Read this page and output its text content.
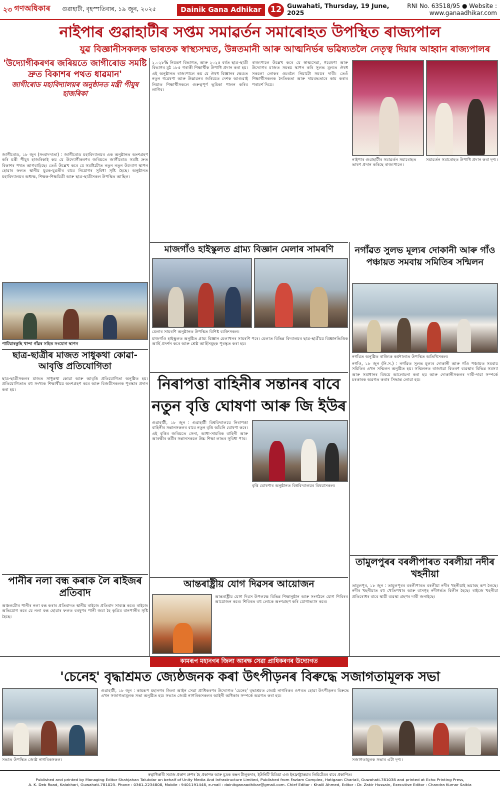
২৩ গণঅধিকাৰ গুৱাহাটী, বৃহস্পতিবাৰ, ১৯ জুন, ২০২৫	Dainik Gana Adhikar	12 Guwahati, Thursday, 19 June, 2025
RNI No. 63518/95 ● Website : www.ganaadhikar.com
নাইপাৰ গুৱাহাটীৰ সপ্তম সমাৱৰ্তন সমাৰোহত উপস্থিত ৰাজ্যপাল
যুৱ বিজ্ঞানীসকলক ভাৰতক স্বাস্থ্যসম্মত, উন্নতমানী আৰু আত্মনিৰ্ভৰ ভৱিষ্যতলৈ নেতৃত্ব দিয়াৰ আহ্বান ৰাজ্যপালৰ
'উদ্যোগীকৰণৰ জৰিয়তে জাগীৰোড সমষ্টি দ্ৰুত বিকাশৰ পথত ধাৱমান'
জাগীৰোড মহাবিদ্যালয়ৰ অনুষ্ঠানত মন্ত্ৰী পীযুষ হাজৰিকা
জাগীৰোড, ১৮ জুন (সংবাদদাতা) : জাগীৰোড মহাবিদ্যালয়ৰ এক অনুষ্ঠানত অংশগ্ৰহণ কৰি মন্ত্ৰী পীযুষ হাজৰিকাই কয় যে উদ্যোগীকৰণৰ জৰিয়তে জাগীৰোড সমষ্টি দ্ৰুত বিকাশৰ পথত আগবাঢ়িছে। তেওঁ উল্লেখ কৰে যে সমষ্টিটোত নতুন নতুন উদ্যোগ স্থাপন হোৱাৰ ফলত স্থানীয় যুৱক-যুৱতীৰ বাবে নিয়োগৰ সুবিধা সৃষ্টি হৈছে। অনুষ্ঠানত মহাবিদ্যালয়ৰ অধ্যক্ষ, শিক্ষক-শিক্ষয়িত্ৰী আৰু ছাত্ৰ-ছাত্ৰীসকল উপস্থিত আছিল।
পাটিয়াৰকুছি খান্দা গাঁৱৰ সহিত সংযোগ স্থাপন
ছাত্ৰ-ছাত্ৰীৰ মাজত সাধুকথা কোৱা-আবৃত্তি প্ৰতিযোগিতা
ছাত্ৰ-ছাত্ৰীসকলৰ মাজত সাধুকথা কোৱা আৰু আবৃত্তি প্ৰতিযোগিতা অনুষ্ঠিত হয়। প্ৰতিযোগিতাত বহু সংখ্যক শিক্ষাৰ্থীয়ে অংশগ্ৰহণ কৰে আৰু বিজয়ীসকলক পুৰস্কাৰ প্ৰদান কৰা হয়।
পানীৰ নলা বন্ধ কৰাক লৈ ৰাইজৰ প্ৰতিবাদ
অঞ্চলটোৰ পানীৰ নলা বন্ধ কৰাৰ প্ৰতিবাদত স্থানীয় ৰাইজে প্ৰতিবাদ সাব্যস্ত কৰে। ৰাইজে অভিযোগ কৰে যে নলা বন্ধ হোৱাৰ ফলত বৰষুণৰ পানী জমা হৈ কৃত্ৰিম বানপানীৰ সৃষ্টি হৈছে।
২.০২৮% নিয়ন্ত্ৰণ বিভাগত, আৰু ২০২৫ বৰ্ষত ছাত্ৰ-ছাত্ৰী বিভাগৰ মুঠ ১৮৫ গৰাকী শিক্ষাৰ্থীক উপাধি প্ৰদান কৰা হয়। এই অনুষ্ঠানত ৰাজ্যপালে কয় যে ঔষধ বিজ্ঞানৰ ক্ষেত্ৰত নতুন গৱেষণা আৰু উদ্ভাৱনৰ জৰিয়তে দেশক আগুৱাই নিয়াত শিক্ষাৰ্থীসকলে গুৰুত্বপূৰ্ণ ভূমিকা পালন কৰিব লাগিব।
ৰাজ্যপালে উল্লেখ কৰে যে স্বাস্থ্যসেৱা, গৱেষণা আৰু উদ্যোগৰ মাজত সমন্বয় স্থাপন কৰি সুলভ মূল্যত ঔষধ সকলো লোকৰ ওচৰলৈ নিয়াটো সময়ৰ দাবী। তেওঁ শিক্ষাৰ্থীসকলক নৈতিকতা আৰু দায়বদ্ধতাৰে কাম কৰাৰ পৰামৰ্শ দিয়ে।
নাইপাৰ গুৱাহাটীৰ সমাৱৰ্তন সমাৰোহত ভাষণ প্ৰদান কৰিছে ৰাজ্যপালে।
সমাৱৰ্তন সমাৰোহত উপাধি প্ৰদান কৰা দৃশ্য।
মাজগাঁও হাইস্কুলত গ্ৰাম্য বিজ্ঞান মেলাৰ সামৰণি
মেলাৰ সামৰণি অনুষ্ঠানত উপস্থিত বিশিষ্ট ব্যক্তিসকল।
মাজগাঁও হাইস্কুলত অনুষ্ঠিত গ্ৰাম্য বিজ্ঞান মেলাখনৰ সামৰণি পৰে। মেলাত বিভিন্ন বিদ্যালয়ৰ ছাত্ৰ-ছাত্ৰীয়ে বিজ্ঞানভিত্তিক আৰ্হি প্ৰদৰ্শন কৰে আৰু শ্ৰেষ্ঠ আৰ্হিসমূহক পুৰস্কৃত কৰা হয়।
নগাঁৱত সুলভ মূল্যৰ দোকানী আৰু গাঁও পঞ্চায়ত সমবায় সমিতিৰ সন্মিলন
নগাঁৱত অনুষ্ঠিত ৰাজ্যিক কৰ্মশালাত উপস্থিত অতিথিসকল।
নগাঁও, ১৮ জুন (নি.স.) : নগাঁৱত সুলভ মূল্যৰ দোকানী আৰু গাঁও পঞ্চায়ত সমবায় সমিতিৰ এখন সন্মিলন অনুষ্ঠিত হয়। সন্মিলনত ৰাজহুৱা বিতৰণ ব্যৱস্থাৰ বিভিন্ন সমস্যা আৰু সমাধানৰ বিষয়ে আলোচনা কৰা হয় আৰু দোকানীসকলৰ দাবী-দাৱা সম্পৰ্কে চৰকাৰক অৱগত কৰাৰ সিদ্ধান্ত লোৱা হয়।
নিৰাপত্তা বাহিনীৰ সন্তানৰ বাবে
নতুন বৃত্তি ঘোষণা আৰু জি ইউৰ
গুৱাহাটী, ১৮ জুন : গুৱাহাটী বিশ্ববিদ্যালয়ে নিৰাপত্তা বাহিনীৰ সন্তানসকলৰ বাবে নতুন বৃত্তি আঁচনি ঘোষণা কৰে। এই বৃত্তিৰ জৰিয়তে সেনা, আধা-সামৰিক বাহিনী আৰু আৰক্ষীৰ কৰ্মীৰ সন্তানসকলে উচ্চ শিক্ষা লাভৰ সুবিধা পাব।
বৃত্তি ঘোষণাৰ অনুষ্ঠানত বিশ্ববিদ্যালয়ৰ বিষয়াসকল।
আন্তৰাষ্ট্ৰীয় যোগ দিৱসৰ আয়োজন
আন্তৰাষ্ট্ৰীয় যোগ দিৱস উপলক্ষে বিভিন্ন শিক্ষানুষ্ঠান আৰু সংগঠনে যোগ শিবিৰৰ আয়োজন কৰে। শিবিৰত বহু লোকে অংশগ্ৰহণ কৰি যোগাভ্যাস কৰে।
তামুলপুৰৰ বৰলীপাৰত বৰলীয়া নদীৰ খহনীয়া
তামুলপুৰ, ১৮ জুন : তামুলপুৰৰ বৰলীপাৰত বৰলীয়া নদীৰ খহনীয়াই ভয়াবহ ৰূপ লৈছে। নদীৰ খহনীয়াত বহু খেতিপথাৰ আৰু বাসগৃহ নদীগৰ্ভত বিলীন হৈছে। ৰাইজে খহনীয়া প্ৰতিৰোধৰ বাবে স্থায়ী ব্যৱস্থা গ্ৰহণৰ দাবী জনাইছে।
কামৰূপ মহানগৰ জিলা আৰক্ষ সেৱা প্ৰাধিকৰণৰ উদ্যোগত
'চেনেহ' বৃদ্ধাশ্ৰমত জ্যেষ্ঠজনক কৰা উৎপীড়নৰ বিৰুদ্ধে সজাগতামূলক সভা
সভাত উপস্থিত জ্যেষ্ঠ নাগৰিকসকল।
গুৱাহাটী, ১৮ জুন : কামৰূপ মহানগৰ জিলা আইন সেৱা প্ৰাধিকৰণৰ উদ্যোগত 'চেনেহ' বৃদ্ধাশ্ৰমত জ্যেষ্ঠ নাগৰিকৰ ওপৰত হোৱা উৎপীড়নৰ বিৰুদ্ধে এখন সজাগতামূলক সভা অনুষ্ঠিত হয়। সভাত জ্যেষ্ঠ নাগৰিকসকলৰ আইনী অধিকাৰ সম্পৰ্কে অৱগত কৰা হয়।
সজাগতামূলক সভাৰ এটা দৃশ্য।
স্বত্বাধিকাৰী সমাজ প্ৰকাশ গ্ৰুপৰ হৈ প্ৰকাশক আৰু মুদ্ৰক ৰঞ্জন টালুকদাৰ, ইউনিটি মিডিয়া এণ্ড ইনফ্ৰাষ্ট্ৰাকচাৰ লিমিটেডৰ বাবে প্ৰকাশিত।
Published and printed by Managing Editor Shahjahan Talukdar on behalf of Unity Media And Infrastructure Limited, Published from Fazlam Complex, Hatigaon Chariali, Guwahati-781038 and printed at Echo Printing Press,
A. K. Deb Road, Kalakhari, Guwahati-781025. Phone : 0361-2234808, Mobile : 9401191448, e-mail : dainikganaadhikar@gmail.com. Chief Editor : Khalil Ahmed, Editor : Dr. Zakir Hussain, Executive Editor : Chandra Kumar Saikia
